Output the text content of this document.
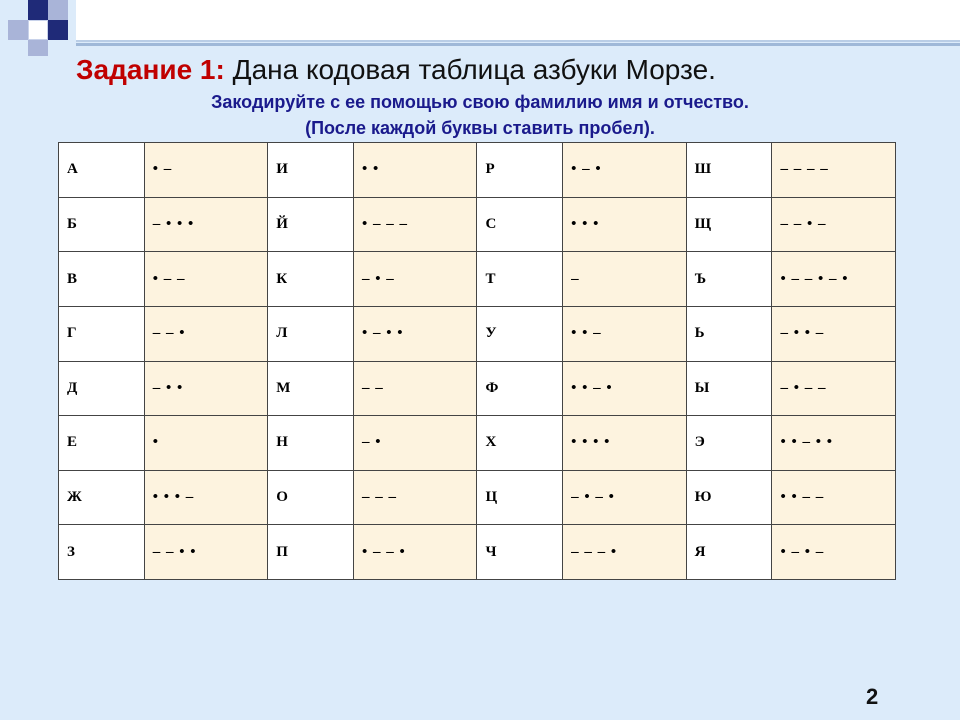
Задание 1: Дана кодовая таблица азбуки Морзе.
Закодируйте с ее помощью свою фамилию имя и отчество.
(После каждой буквы ставить пробел).
А	• –	И	• •	Р	• – •	Ш	– – – –
Б	– • • •	Й	• – – –	С	• • •	Щ	– – • –
В	• – –	К	– • –	Т	–	Ъ	• – – • – •
Г	– – •	Л	• – • •	У	• • –	Ь	– • • –
Д	– • •	М	– –	Ф	• • – •	Ы	– • – –
Е	•	Н	– •	Х	• • • •	Э	• • – • •
Ж	• • • –	О	– – –	Ц	– • – •	Ю	• • – –
З	– – • •	П	• – – •	Ч	– – – •	Я	• – • –
2
